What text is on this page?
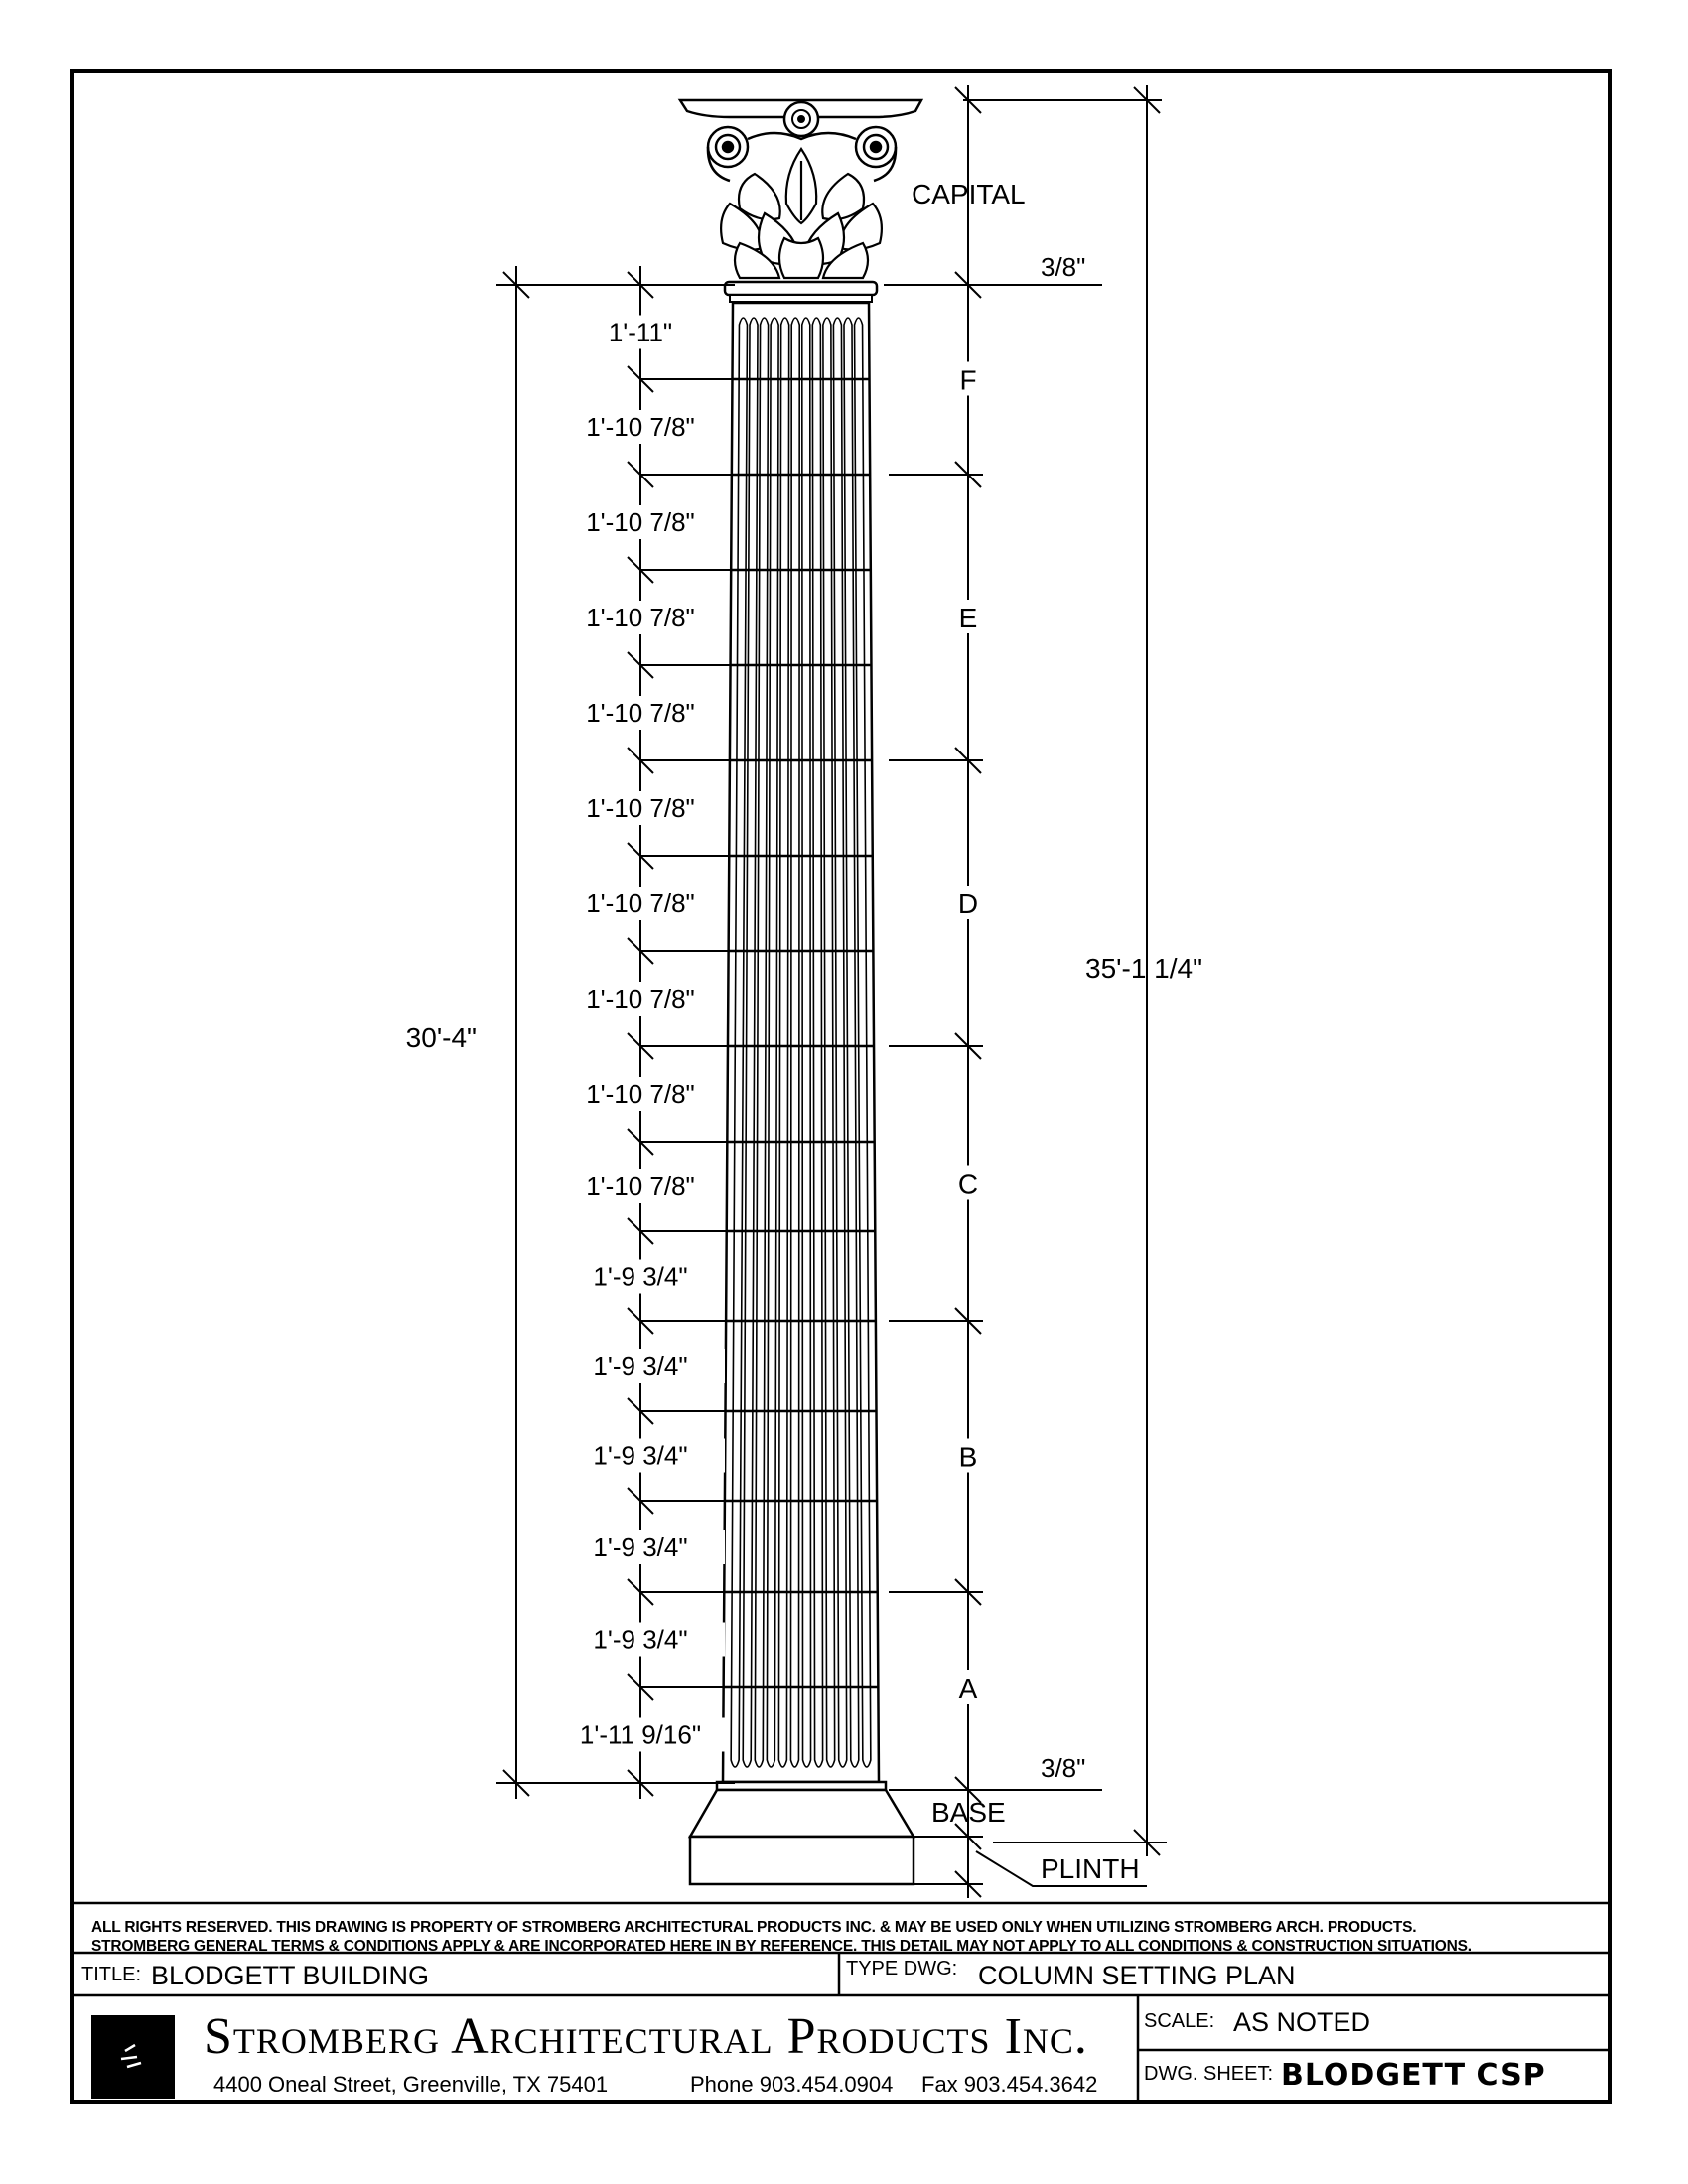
CAPITAL
3/8"
3/8"
BASE
PLINTH
35'-1 1/4"
30'-4"
F
E
D
C
B
A
1'-11"
1'-10 7/8"
1'-10 7/8"
1'-10 7/8"
1'-10 7/8"
1'-10 7/8"
1'-10 7/8"
1'-10 7/8"
1'-10 7/8"
1'-10 7/8"
1'-9 3/4"
1'-9 3/4"
1'-9 3/4"
1'-9 3/4"
1'-9 3/4"
1'-11 9/16"
ALL RIGHTS RESERVED. THIS DRAWING IS PROPERTY OF STROMBERG ARCHITECTURAL PRODUCTS INC. & MAY BE USED ONLY WHEN UTILIZING STROMBERG ARCH. PRODUCTS.
STROMBERG GENERAL TERMS & CONDITIONS APPLY & ARE INCORPORATED HERE IN BY REFERENCE. THIS DETAIL MAY NOT APPLY TO ALL CONDITIONS & CONSTRUCTION SITUATIONS.
TITLE: BLODGETT BUILDING	TYPE DWG: COLUMN SETTING PLAN
Stromberg Architectural Products Inc.
4400 Oneal Street, Greenville, TX 75401	Phone 903.454.0904 Fax 903.454.3642
SCALE: AS NOTED
DWG. SHEET: BLODGETT CSP
